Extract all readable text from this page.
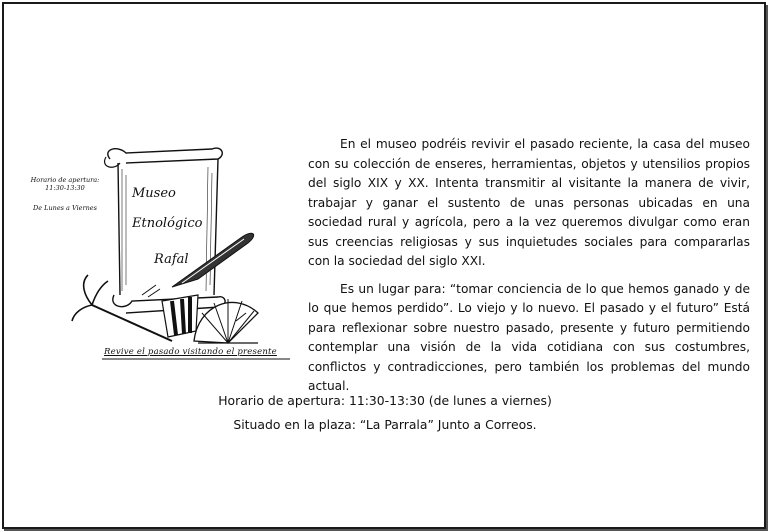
Horario de apertura:
11:30-13:30
De Lunes a Viernes
Museo
Etnológico
Rafal
Revive el pasado visitando el presente

En el museo podréis revivir el pasado reciente, la casa del museo con su colección de enseres, herramientas, objetos y utensilios propios del siglo XIX y XX. Intenta transmitir al visitante la manera de vivir, trabajar y ganar el sustento de unas personas ubicadas en una sociedad rural y agrícola, pero a la vez queremos divulgar como eran sus creencias religiosas y sus inquietudes sociales para compararlas con la sociedad del siglo XXI.

Es un lugar para: “tomar conciencia de lo que hemos ganado y de lo que hemos perdido”. Lo viejo y lo nuevo. El pasado y el futuro” Está para reflexionar sobre nuestro pasado, presente y futuro permitiendo contemplar una visión de la vida cotidiana con sus costumbres, conflictos y contradicciones, pero también los problemas del mundo actual.

Horario de apertura: 11:30-13:30 (de lunes a viernes)
Situado en la plaza: “La Parrala” Junto a Correos.
